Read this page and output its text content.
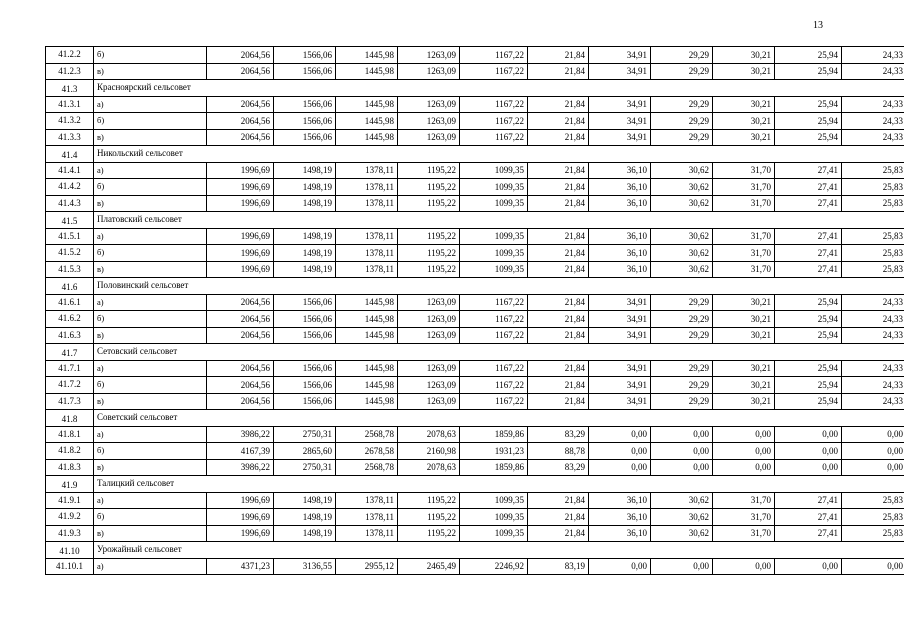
13
41.2.2	б)	2064,56	1566,06	1445,98	1263,09	1167,22	21,84	34,91	29,29	30,21	25,94	24,33
41.2.3	в)	2064,56	1566,06	1445,98	1263,09	1167,22	21,84	34,91	29,29	30,21	25,94	24,33
41.3	Красноярский сельсовет											
41.3.1	а)	2064,56	1566,06	1445,98	1263,09	1167,22	21,84	34,91	29,29	30,21	25,94	24,33
41.3.2	б)	2064,56	1566,06	1445,98	1263,09	1167,22	21,84	34,91	29,29	30,21	25,94	24,33
41.3.3	в)	2064,56	1566,06	1445,98	1263,09	1167,22	21,84	34,91	29,29	30,21	25,94	24,33
41.4	Никольский сельсовет											
41.4.1	а)	1996,69	1498,19	1378,11	1195,22	1099,35	21,84	36,10	30,62	31,70	27,41	25,83
41.4.2	б)	1996,69	1498,19	1378,11	1195,22	1099,35	21,84	36,10	30,62	31,70	27,41	25,83
41.4.3	в)	1996,69	1498,19	1378,11	1195,22	1099,35	21,84	36,10	30,62	31,70	27,41	25,83
41.5	Платовский сельсовет											
41.5.1	а)	1996,69	1498,19	1378,11	1195,22	1099,35	21,84	36,10	30,62	31,70	27,41	25,83
41.5.2	б)	1996,69	1498,19	1378,11	1195,22	1099,35	21,84	36,10	30,62	31,70	27,41	25,83
41.5.3	в)	1996,69	1498,19	1378,11	1195,22	1099,35	21,84	36,10	30,62	31,70	27,41	25,83
41.6	Половинский сельсовет											
41.6.1	а)	2064,56	1566,06	1445,98	1263,09	1167,22	21,84	34,91	29,29	30,21	25,94	24,33
41.6.2	б)	2064,56	1566,06	1445,98	1263,09	1167,22	21,84	34,91	29,29	30,21	25,94	24,33
41.6.3	в)	2064,56	1566,06	1445,98	1263,09	1167,22	21,84	34,91	29,29	30,21	25,94	24,33
41.7	Сетовский сельсовет											
41.7.1	а)	2064,56	1566,06	1445,98	1263,09	1167,22	21,84	34,91	29,29	30,21	25,94	24,33
41.7.2	б)	2064,56	1566,06	1445,98	1263,09	1167,22	21,84	34,91	29,29	30,21	25,94	24,33
41.7.3	в)	2064,56	1566,06	1445,98	1263,09	1167,22	21,84	34,91	29,29	30,21	25,94	24,33
41.8	Советский сельсовет											
41.8.1	а)	3986,22	2750,31	2568,78	2078,63	1859,86	83,29	0,00	0,00	0,00	0,00	0,00
41.8.2	б)	4167,39	2865,60	2678,58	2160,98	1931,23	88,78	0,00	0,00	0,00	0,00	0,00
41.8.3	в)	3986,22	2750,31	2568,78	2078,63	1859,86	83,29	0,00	0,00	0,00	0,00	0,00
41.9	Талицкий сельсовет											
41.9.1	а)	1996,69	1498,19	1378,11	1195,22	1099,35	21,84	36,10	30,62	31,70	27,41	25,83
41.9.2	б)	1996,69	1498,19	1378,11	1195,22	1099,35	21,84	36,10	30,62	31,70	27,41	25,83
41.9.3	в)	1996,69	1498,19	1378,11	1195,22	1099,35	21,84	36,10	30,62	31,70	27,41	25,83
41.10	Урожайный сельсовет											
41.10.1	а)	4371,23	3136,55	2955,12	2465,49	2246,92	83,19	0,00	0,00	0,00	0,00	0,00
